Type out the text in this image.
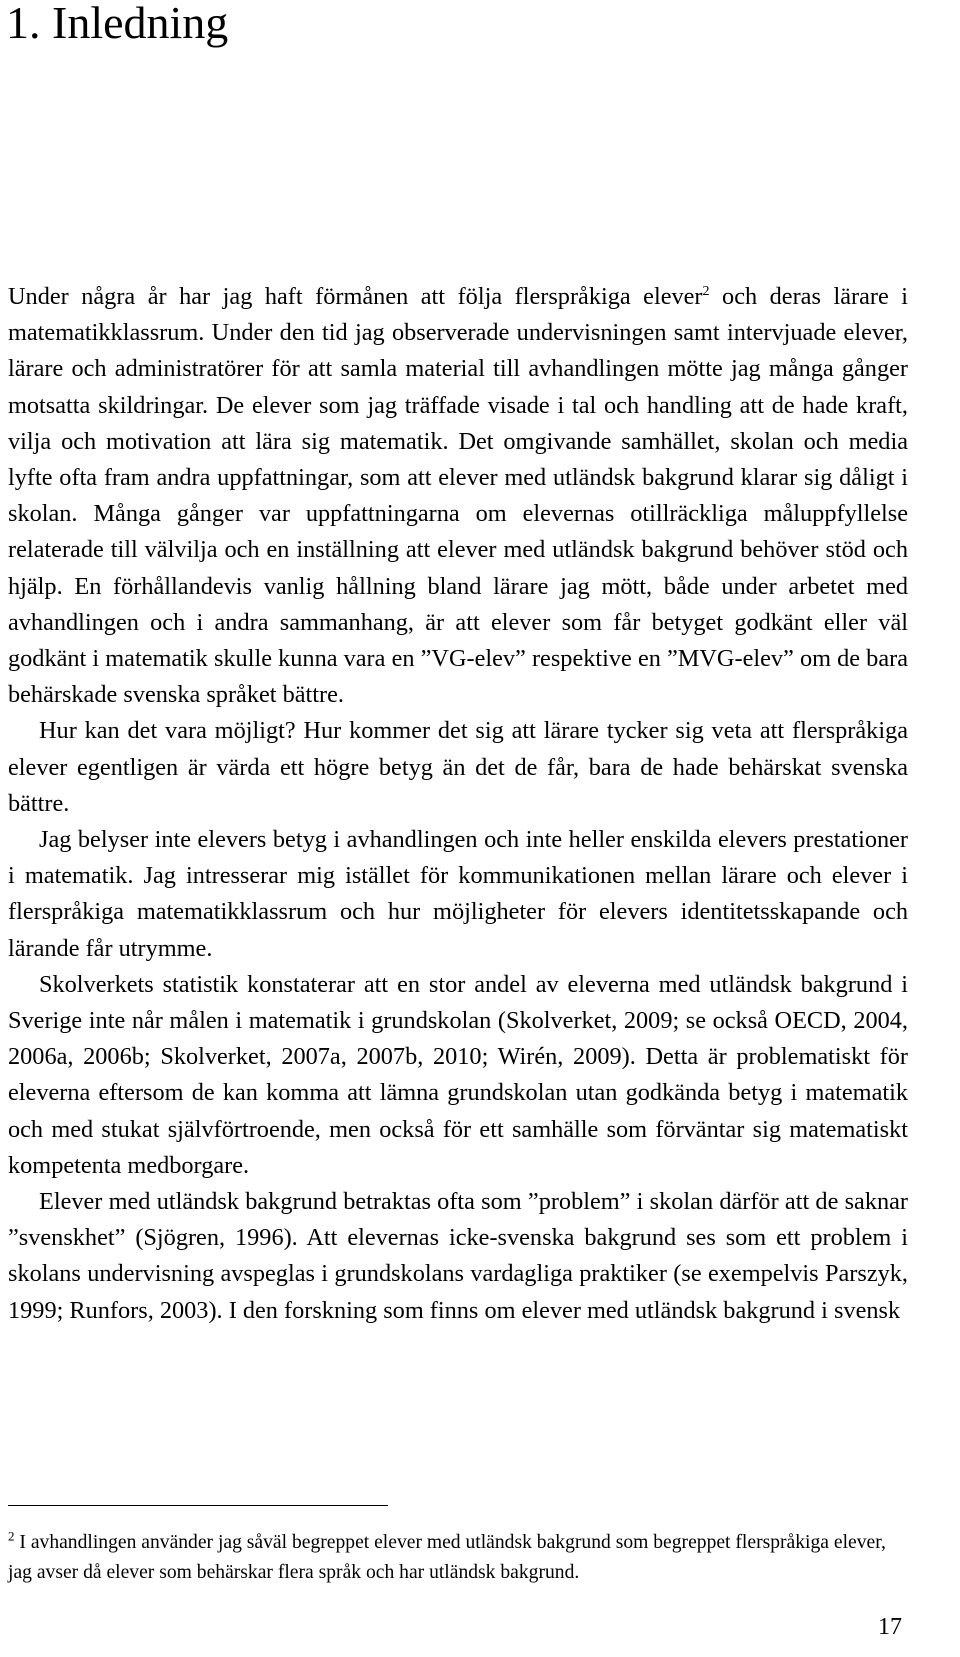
1. Inledning

Under några år har jag haft förmånen att följa flerspråkiga elever$^2$ och deras lärare i matematikklassrum. Under den tid jag observerade undervisningen samt intervjuade elever, lärare och administratörer för att samla material till avhandlingen mötte jag många gånger motsatta skildringar. De elever som jag träffade visade i tal och handling att de hade kraft, vilja och motivation att lära sig matematik. Det omgivande samhället, skolan och media lyfte ofta fram andra uppfattningar, som att elever med utländsk bakgrund klarar sig dåligt i skolan. Många gånger var uppfattningarna om elevernas otillräckliga måluppfyllelse relaterade till välvilja och en inställning att elever med utländsk bakgrund behöver stöd och hjälp. En förhållandevis vanlig hållning bland lärare jag mött, både under arbetet med avhandlingen och i andra sammanhang, är att elever som får betyget godkänt eller väl godkänt i matematik skulle kunna vara en ”VG-elev” respektive en ”MVG-elev” om de bara behärskade svenska språket bättre.

Hur kan det vara möjligt? Hur kommer det sig att lärare tycker sig veta att flerspråkiga elever egentligen är värda ett högre betyg än det de får, bara de hade behärskat svenska bättre.

Jag belyser inte elevers betyg i avhandlingen och inte heller enskilda elevers prestationer i matematik. Jag intresserar mig istället för kommunikationen mellan lärare och elever i flerspråkiga matematikklassrum och hur möjligheter för elevers identitetsskapande och lärande får utrymme.

Skolverkets statistik konstaterar att en stor andel av eleverna med utländsk bakgrund i Sverige inte når målen i matematik i grundskolan (Skolverket, 2009; se också OECD, 2004, 2006a, 2006b; Skolverket, 2007a, 2007b, 2010; Wirén, 2009). Detta är problematiskt för eleverna eftersom de kan komma att lämna grundskolan utan godkända betyg i matematik och med stukat självförtroende, men också för ett samhälle som förväntar sig matematiskt kompetenta medborgare.

Elever med utländsk bakgrund betraktas ofta som ”problem” i skolan därför att de saknar ”svenskhet” (Sjögren, 1996). Att elevernas icke-svenska bakgrund ses som ett problem i skolans undervisning avspeglas i grundskolans vardagliga praktiker (se exempelvis Parszyk, 1999; Runfors, 2003). I den forskning som finns om elever med utländsk bakgrund i svensk

$^2$ I avhandlingen använder jag såväl begreppet elever med utländsk bakgrund som begreppet flerspråkiga elever, jag avser då elever som behärskar flera språk och har utländsk bakgrund.

17
